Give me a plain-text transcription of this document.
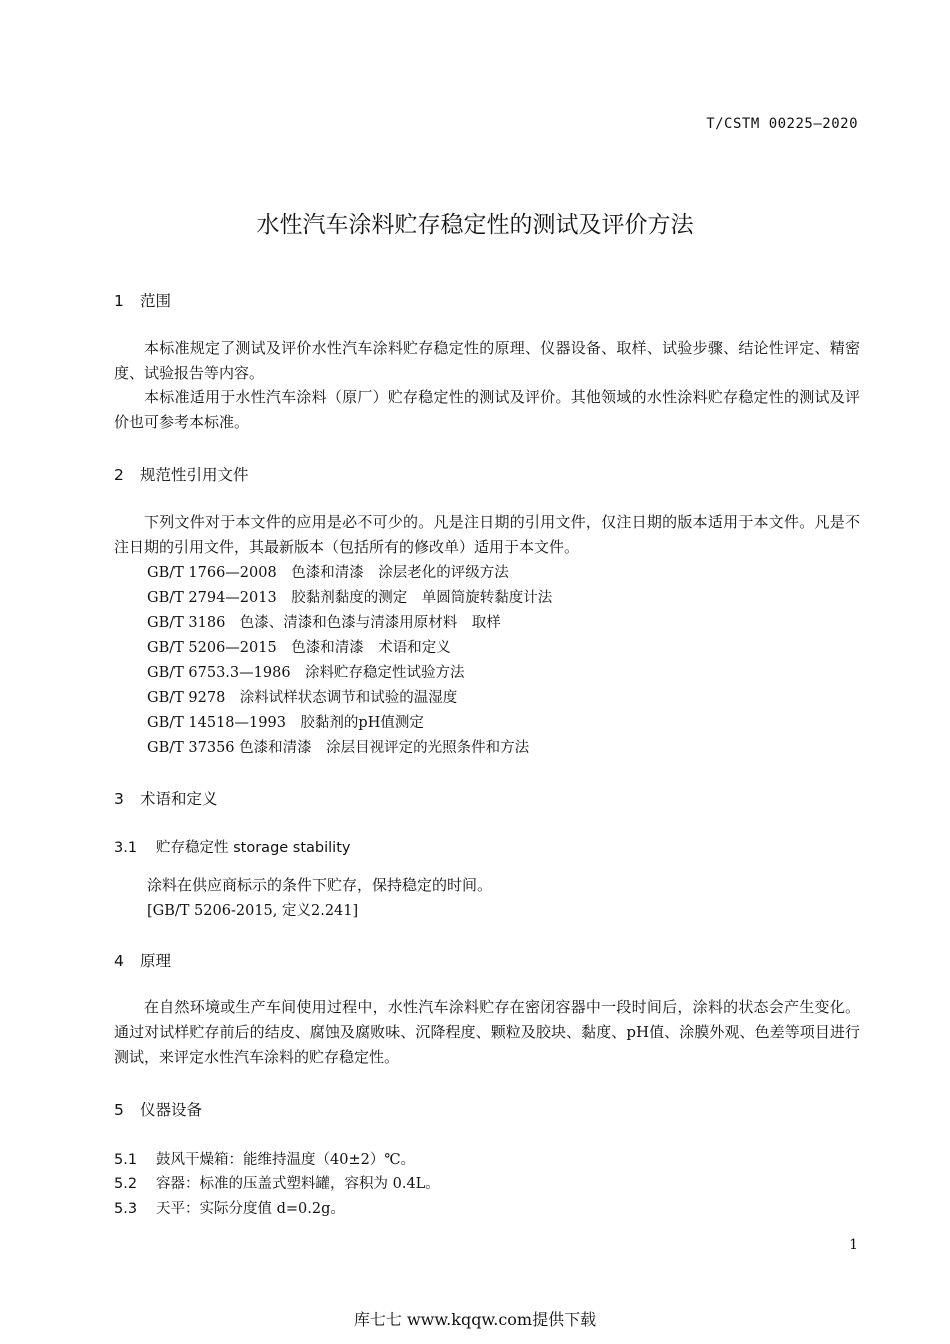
T/CSTM 00225—2020
水性汽车涂料贮存稳定性的测试及评价方法
1 范围
本标准规定了测试及评价水性汽车涂料贮存稳定性的原理、仪器设备、取样、试验步骤、结论性评定、精密度、试验报告等内容。
本标准适用于水性汽车涂料（原厂）贮存稳定性的测试及评价。其他领域的水性涂料贮存稳定性的测试及评价也可参考本标准。
2 规范性引用文件
下列文件对于本文件的应用是必不可少的。凡是注日期的引用文件，仅注日期的版本适用于本文件。凡是不注日期的引用文件，其最新版本（包括所有的修改单）适用于本文件。
GB/T 1766—2008　色漆和清漆　涂层老化的评级方法
GB/T 2794—2013　胶黏剂黏度的测定　单圆筒旋转黏度计法
GB/T 3186　色漆、清漆和色漆与清漆用原材料　取样
GB/T 5206—2015　色漆和清漆　术语和定义
GB/T 6753.3—1986　涂料贮存稳定性试验方法
GB/T 9278　涂料试样状态调节和试验的温湿度
GB/T 14518—1993　胶黏剂的pH值测定
GB/T 37356 色漆和清漆　涂层目视评定的光照条件和方法
3 术语和定义
3.1 贮存稳定性 storage stability
涂料在供应商标示的条件下贮存，保持稳定的时间。
[GB/T 5206-2015, 定义2.241]
4 原理
在自然环境或生产车间使用过程中，水性汽车涂料贮存在密闭容器中一段时间后，涂料的状态会产生变化。通过对试样贮存前后的结皮、腐蚀及腐败味、沉降程度、颗粒及胶块、黏度、pH值、涂膜外观、色差等项目进行测试，来评定水性汽车涂料的贮存稳定性。
5 仪器设备
5.1 鼓风干燥箱：能维持温度（40±2）℃。
5.2 容器：标准的压盖式塑料罐，容积为 0.4L。
5.3 天平：实际分度值 d=0.2g。
1
库七七 www.kqqw.com提供下载
